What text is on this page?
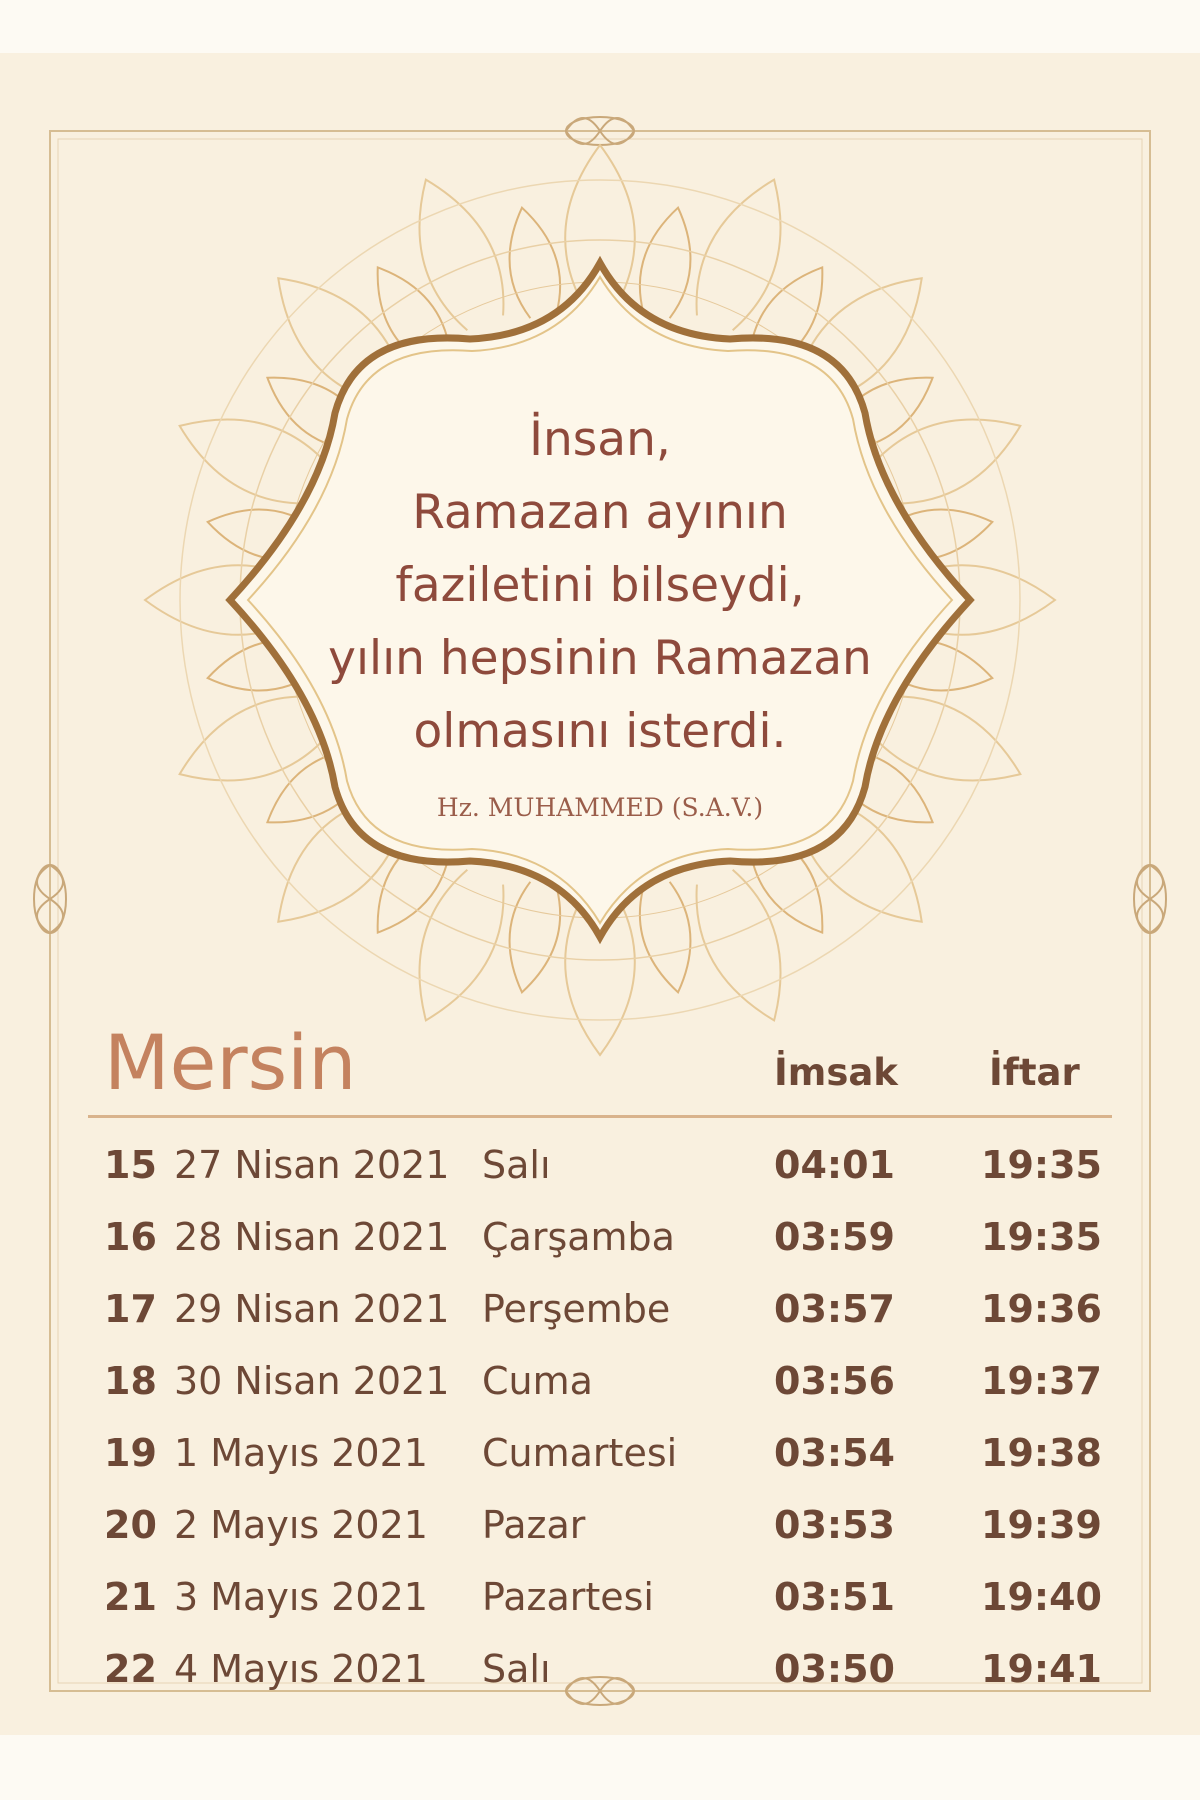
İnsan,
Ramazan ayının
faziletini bilseydi,
yılın hepsinin Ramazan
olmasını isterdi.
Hz. MUHAMMED (S.A.V.)
Mersin	İmsak İftar
15 27 Nisan 2021 Salı	04:01 19:35
16 28 Nisan 2021 Çarşamba	03:59 19:35
17 29 Nisan 2021 Perşembe	03:57 19:36
18 30 Nisan 2021 Cuma	03:56 19:37
19 1 Mayıs 2021 Cumartesi	03:54 19:38
20 2 Mayıs 2021 Pazar	03:53 19:39
21 3 Mayıs 2021 Pazartesi	03:51 19:40
22 4 Mayıs 2021 Salı	03:50 19:41
